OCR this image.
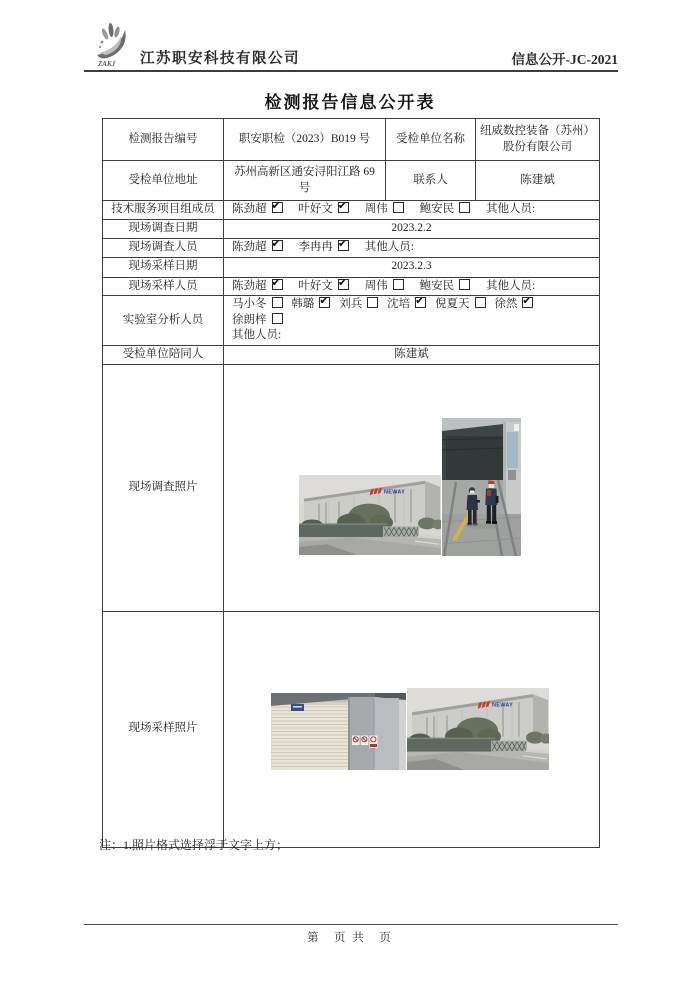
ZAKJ 江苏职安科技有限公司	信息公开-JC-2021
检测报告信息公开表
检测报告编号	职安职检（2023）B019 号	受检单位名称	纽威数控装备（苏州）股份有限公司
受检单位地址	苏州高新区通安浔阳江路 69 号	联系人	陈建斌
技术服务项目组成员	陈劲超 ✔ 叶好文 ✔ 周伟 鲍安民 其他人员:
现场调查日期	2023.2.2		
现场调查人员	陈劲超 ✔ 李冉冉 ✔ 其他人员:
现场采样日期	2023.2.3		
现场采样人员	陈劲超 ✔ 叶好文 ✔ 周伟 鲍安民 其他人员:
实验室分析人员	马小冬 韩璐 ✔ 刘兵 沈培 ✔ 倪夏天 徐然✔ 徐朗梓
其他人员:

受检单位陪同人	陈建斌		
现场调查照片	

现场采样照片	
注：1.照片格式选择浮于文字上方；
第　页 共　页
